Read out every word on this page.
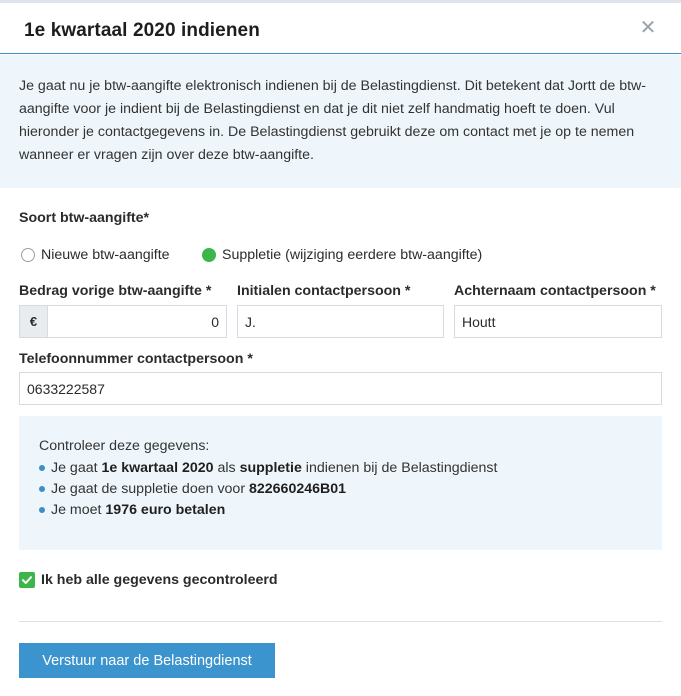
1e kwartaal 2020 indienen	✕

Je gaat nu je btw-aangifte elektronisch indienen bij de Belastingdienst. Dit betekent dat Jortt de btw-aangifte voor je indient bij de Belastingdienst en dat je dit niet zelf handmatig hoeft te doen. Vul hieronder je contactgegevens in. De Belastingdienst gebruikt deze om contact met je op te nemen wanneer er vragen zijn over deze btw-aangifte.

Soort btw-aangifte*
Nieuwe btw-aangifte	Suppletie (wijziging eerdere btw-aangifte)
Bedrag vorige btw-aangifte * Initialen contactpersoon *	Achternaam contactpersoon *
€	0	J.	Houtt
Telefoonnummer contactpersoon *
0633222587
Controleer deze gegevens:
Je gaat
1e kwartaal 2020
als
suppletie
indienen bij de Belastingdienst
Je gaat de suppletie doen voor
822660246B01
Je moet
1976 euro betalen
Ik heb alle gegevens gecontroleerd
Verstuur naar de Belastingdienst
